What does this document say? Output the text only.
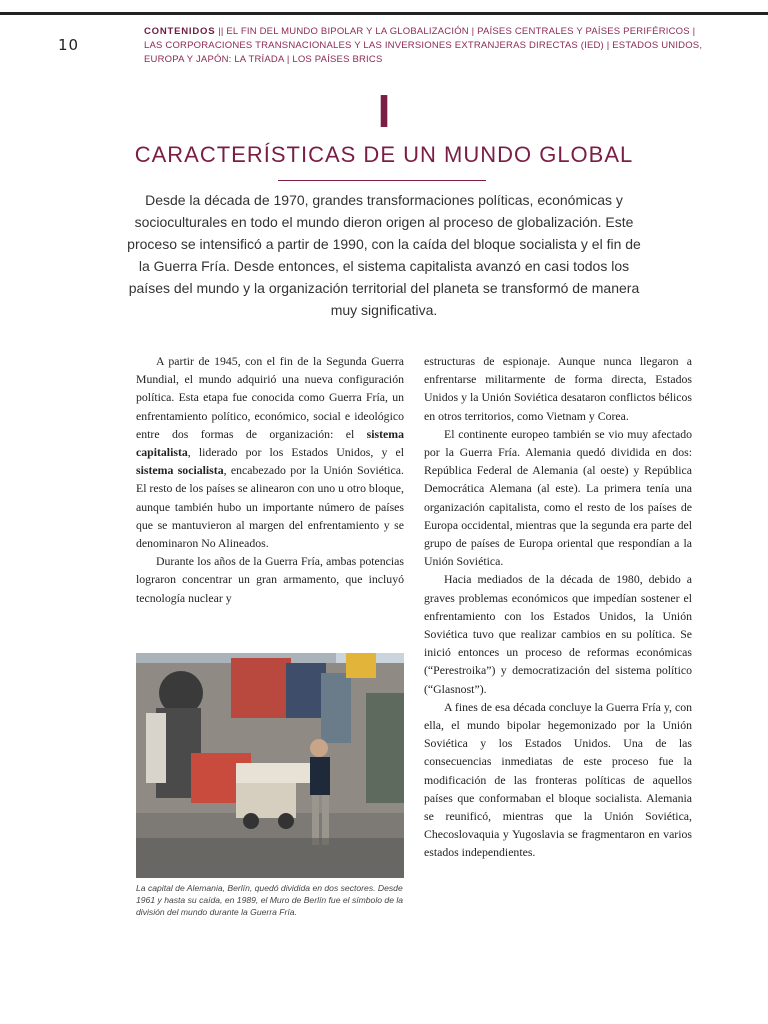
10
CONTENIDOS || EL FIN DEL MUNDO BIPOLAR Y LA GLOBALIZACIÓN | PAÍSES CENTRALES Y PAÍSES PERIFÉRICOS | LAS CORPORACIONES TRANSNACIONALES Y LAS INVERSIONES EXTRANJERAS DIRECTAS (IED) | ESTADOS UNIDOS, EUROPA Y JAPÓN: LA TRÍADA | LOS PAÍSES BRICS
I
CARACTERÍSTICAS DE UN MUNDO GLOBAL
Desde la década de 1970, grandes transformaciones políticas, económicas y socioculturales en todo el mundo dieron origen al proceso de globalización. Este proceso se intensificó a partir de 1990, con la caída del bloque socialista y el fin de la Guerra Fría. Desde entonces, el sistema capitalista avanzó en casi todos los países del mundo y la organización territorial del planeta se transformó de manera muy significativa.

A partir de 1945, con el fin de la Segunda Guerra Mundial, el mundo adquirió una nueva configuración política. Esta etapa fue conocida como Guerra Fría, un enfrentamiento político, económico, social e ideológico entre dos formas de organización: el sistema capitalista, liderado por los Estados Unidos, y el sistema socialista, encabezado por la Unión Soviética. El resto de los países se alinearon con uno u otro bloque, aunque también hubo un importante número de países que se mantuvieron al margen del enfrentamiento y se denominaron No Alineados.

Durante los años de la Guerra Fría, ambas potencias lograron concentrar un gran armamento, que incluyó tecnología nuclear y

La capital de Alemania, Berlín, quedó dividida en dos sectores. Desde 1961 y hasta su caída, en 1989, el Muro de Berlín fue el símbolo de la división del mundo durante la Guerra Fría.

estructuras de espionaje. Aunque nunca llegaron a enfrentarse militarmente de forma directa, Estados Unidos y la Unión Soviética desataron conflictos bélicos en otros territorios, como Vietnam y Corea.

El continente europeo también se vio muy afectado por la Guerra Fría. Alemania quedó dividida en dos: República Federal de Alemania (al oeste) y República Democrática Alemana (al este). La primera tenía una organización capitalista, como el resto de los países de Europa occidental, mientras que la segunda era parte del grupo de países de Europa oriental que respondían a la Unión Soviética.

Hacia mediados de la década de 1980, debido a graves problemas económicos que impedían sostener el enfrentamiento con los Estados Unidos, la Unión Soviética tuvo que realizar cambios en su política. Se inició entonces un proceso de reformas económicas (“Perestroika”) y democratización del sistema político (“Glasnost”).

A fines de esa década concluye la Guerra Fría y, con ella, el mundo bipolar hegemonizado por la Unión Soviética y los Estados Unidos. Una de las consecuencias inmediatas de este proceso fue la modificación de las fronteras políticas de aquellos países que conformaban el bloque socialista. Alemania se reunificó, mientras que la Unión Soviética, Checoslovaquia y Yugoslavia se fragmentaron en varios estados independientes.
